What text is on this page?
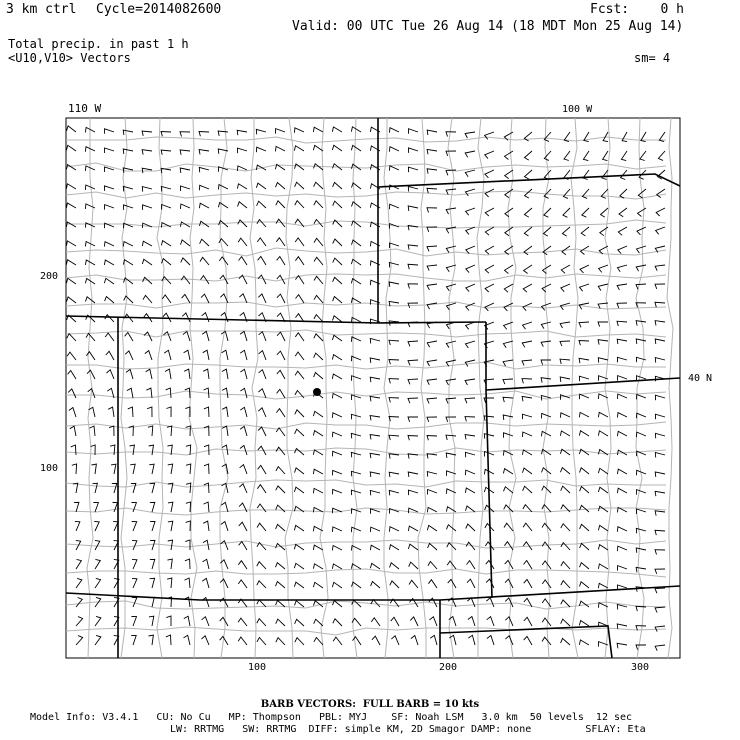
3 km ctrl Cycle=2014082600	Fcst:    0 h
Valid: 00 UTC Tue 26 Aug 14 (18 MDT Mon 25 Aug 14)
Total precip. in past 1 h
<U10,V10> Vectors	sm= 4
110 W	100 W
40 N
200
100
100	200	300
BARB VECTORS:  FULL BARB = 10 kts
Model Info: V3.4.1   CU: No Cu   MP: Thompson   PBL: MYJ    SF: Noah LSM   3.0 km  50 levels  12 sec
LW: RRTMG   SW: RRTMG  DIFF: simple KM, 2D Smagor DAMP: none         SFLAY: Eta
